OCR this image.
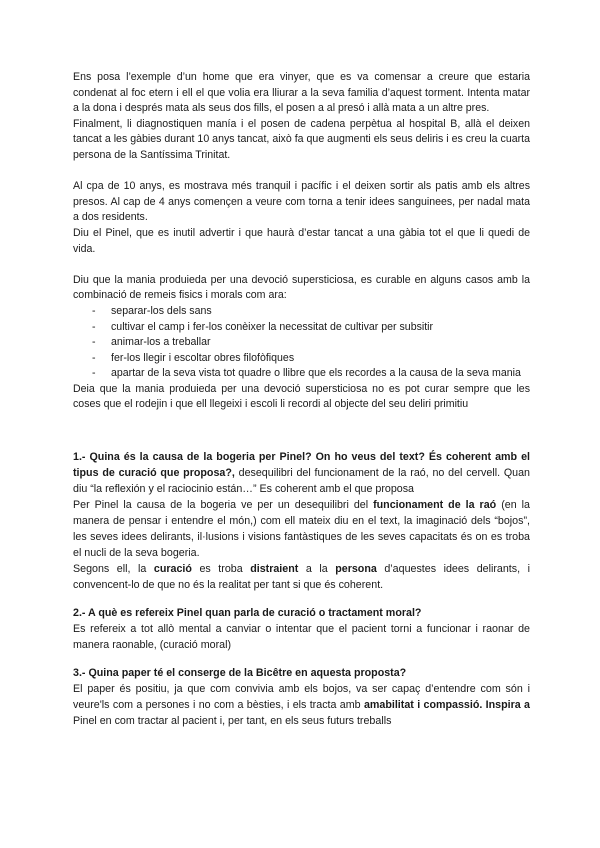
Ens posa l’exemple d’un home que era vinyer, que es va comensar a creure que estaria condenat al foc etern i ell el que volia era lliurar a la seva familia d’aquest torment. Intenta matar a la dona i després mata als seus dos fills, el posen a al presó i allà mata a un altre pres.

Finalment, li diagnostiquen manía i el posen de cadena perpètua al hospital B, allà el deixen tancat a les gàbies durant 10 anys tancat, això fa que augmenti els seus deliris i es creu la cuarta persona de la Santíssima Trinitat.

Al cpa de 10 anys, es mostrava més tranquil i pacífic i el deixen sortir als patis amb els altres presos. Al cap de 4 anys començen a veure com torna a tenir idees sanguinees, per nadal mata a dos residents.

Diu el Pinel, que es inutil advertir i que haurà d’estar tancat a una gàbia tot el que li quedi de vida.

Diu que la mania produieda per una devoció supersticiosa, es curable en alguns casos amb la combinació de remeis fisics i morals com ara:

- separar-los dels sans
- cultivar el camp i fer-los conèixer la necessitat de cultivar per subsitir
- animar-los a treballar
- fer-los llegir i escoltar obres filofòfiques
- apartar de la seva vista tot quadre o llibre que els recordes a la causa de la seva mania

Deia que la mania produieda per una devoció supersticiosa no es pot curar sempre que les coses que el rodejin i que ell llegeixi i escoli li recordi al objecte del seu deliri primitiu

1.- Quina és la causa de la bogeria per Pinel? On ho veus del text? És coherent amb el tipus de curació que proposa?, desequilibri del funcionament de la raó, no del cervell. Quan diu “la reflexión y el raciocinio están…” Es coherent amb el que proposa

Per Pinel la causa de la bogeria ve per un desequilibri del funcionament de la raó (en la manera de pensar i entendre el món,) com ell mateix diu en el text, la imaginació dels “bojos”, les seves idees delirants, il·lusions i visions fantàstiques de les seves capacitats és on es troba el nucli de la seva bogeria.

Segons ell, la curació es troba distraient a la persona d’aquestes idees delirants, i convencent-lo de que no és la realitat per tant si que és coherent.

2.- A què es refereix Pinel quan parla de curació o tractament moral?

Es refereix a tot allò mental a canviar o intentar que el pacient torni a funcionar i raonar de manera raonable, (curació moral)

3.- Quina paper té el conserge de la Bicêtre en aquesta proposta?

El paper és positiu, ja que com convivia amb els bojos, va ser capaç d’entendre com són i veure'ls com a persones i no com a bèsties, i els tracta amb amabilitat i compassió. Inspira a Pinel en com tractar al pacient i, per tant, en els seus futurs treballs
